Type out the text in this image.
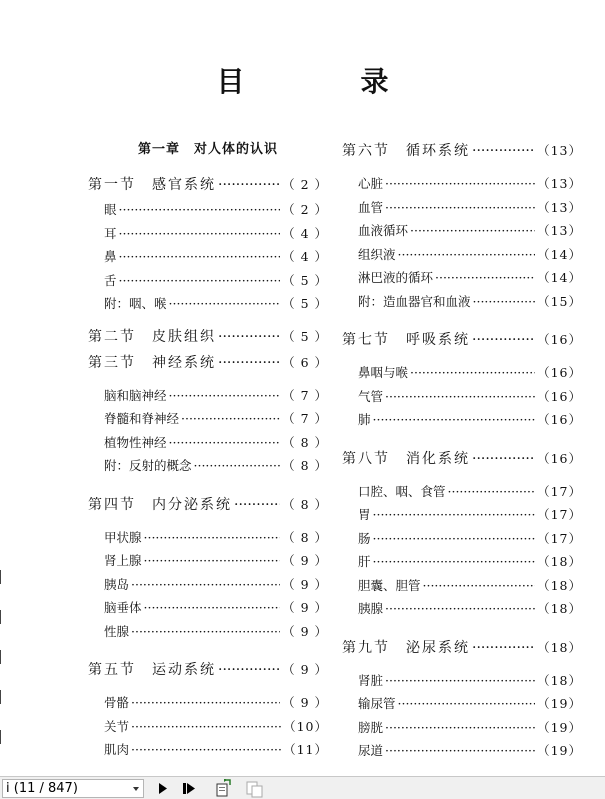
目　录
第一章　对人体的认识
第一节　感官系统 ·····	（ 2 ）
眼 ·····	（ 2 ）
耳 ·····	（ 4 ）
鼻 ·····	（ 4 ）
舌 ·····	（ 5 ）
附：咽、喉 ·····	（ 5 ）
第二节　皮肤组织 ·····	（ 5 ）
第三节　神经系统 ·····	（ 6 ）
脑和脑神经 ·····	（ 7 ）
脊髓和脊神经 ·····	（ 7 ）
植物性神经 ·····	（ 8 ）
附：反射的概念 ·····	（ 8 ）
第四节　内分泌系统 ·····	（ 8 ）
甲状腺 ·····	（ 8 ）
肾上腺 ·····	（ 9 ）
胰岛 ·····	（ 9 ）
脑垂体 ·····	（ 9 ）
性腺 ·····	（ 9 ）
第五节　运动系统 ·····	（ 9 ）
骨骼 ·····	（ 9 ）
关节 ·····	（10）
肌肉 ·····	（11）
第六节　循环系统 ·····	（13）
心脏 ·····	（13）
血管 ·····	（13）
血液循环 ·····	（13）
组织液 ·····	（14）
淋巴液的循环 ·····	（14）
附：造血器官和血液 ·····	（15）
第七节　呼吸系统 ·····	（16）
鼻咽与喉 ·····	（16）
气管 ·····	（16）
肺 ·····	（16）
第八节　消化系统 ·····	（16）
口腔、咽、食管 ·····	（17）
胃 ·····	（17）
肠 ·····	（17）
肝 ·····	（18）
胆囊、胆管 ·····	（18）
胰腺 ·····	（18）
第九节　泌尿系统 ·····	（18）
肾脏 ·····	（18）
输尿管 ·····	（19）
膀胱 ·····	（19）
尿道 ·····	（19）
i (11 / 847)
